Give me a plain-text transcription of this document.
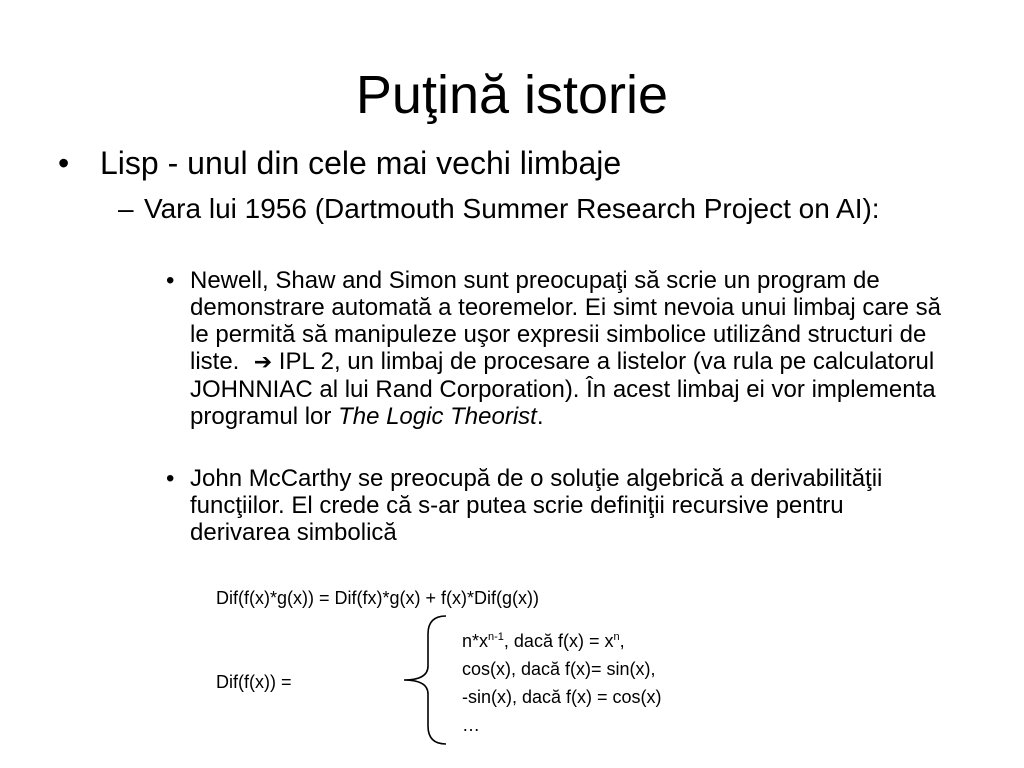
Puţină istorie
• Lisp - unul din cele mai vechi limbaje
– Vara lui 1956 (Dartmouth Summer Research Project on AI):
• Newell, Shaw and Simon sunt preocupaţi să scrie un program de demonstrare automată a teoremelor. Ei simt nevoia unui limbaj care să le permită să manipuleze uşor expresii simbolice utilizând structuri de liste.  ➔ IPL 2, un limbaj de procesare a listelor (va rula pe calculatorul JOHNNIAC al lui Rand Corporation). În acest limbaj ei vor implementa programul lor The Logic Theorist.
• John McCarthy se preocupă de o soluţie algebrică a derivabilităţii funcţiilor. El crede că s-ar putea scrie definiţii recursive pentru derivarea simbolică
Dif(f(x)*g(x)) = Dif(fx)*g(x) + f(x)*Dif(g(x))
Dif(f(x)) =
$n*x^{n-1}$, dacă $f(x) = x^n$,
cos(x), dacă f(x)= sin(x),
-sin(x), dacă f(x) = cos(x)
…
